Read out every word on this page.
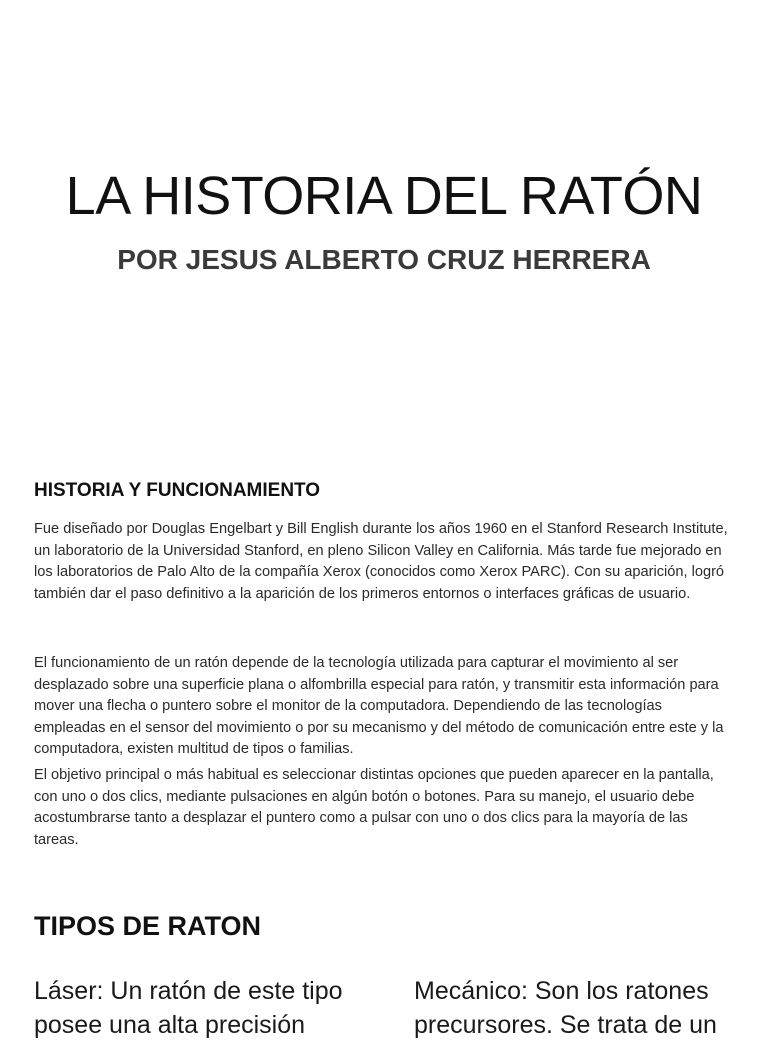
LA HISTORIA DEL RATÓN
POR JESUS ALBERTO CRUZ HERRERA
HISTORIA Y FUNCIONAMIENTO

Fue diseñado por Douglas Engelbart y Bill English durante los años 1960 en el Stanford Research Institute, un laboratorio de la Universidad Stanford, en pleno Silicon Valley en California. Más tarde fue mejorado en los laboratorios de Palo Alto de la compañía Xerox (conocidos como Xerox PARC). Con su aparición, logró también dar el paso definitivo a la aparición de los primeros entornos o interfaces gráficas de usuario.

El funcionamiento de un ratón depende de la tecnología utilizada para capturar el movimiento al ser desplazado sobre una superficie plana o alfombrilla especial para ratón, y transmitir esta información para mover una flecha o puntero sobre el monitor de la computadora. Dependiendo de las tecnologías empleadas en el sensor del movimiento o por su mecanismo y del método de comunicación entre este y la computadora, existen multitud de tipos o familias.

El objetivo principal o más habitual es seleccionar distintas opciones que pueden aparecer en la pantalla, con uno o dos clics, mediante pulsaciones en algún botón o botones. Para su manejo, el usuario debe acostumbrarse tanto a desplazar el puntero como a pulsar con uno o dos clics para la mayoría de las tareas.

TIPOS DE RATON

Láser: Un ratón de este tipo posee una alta precisión

Mecánico: Son los ratones precursores. Se trata de un
